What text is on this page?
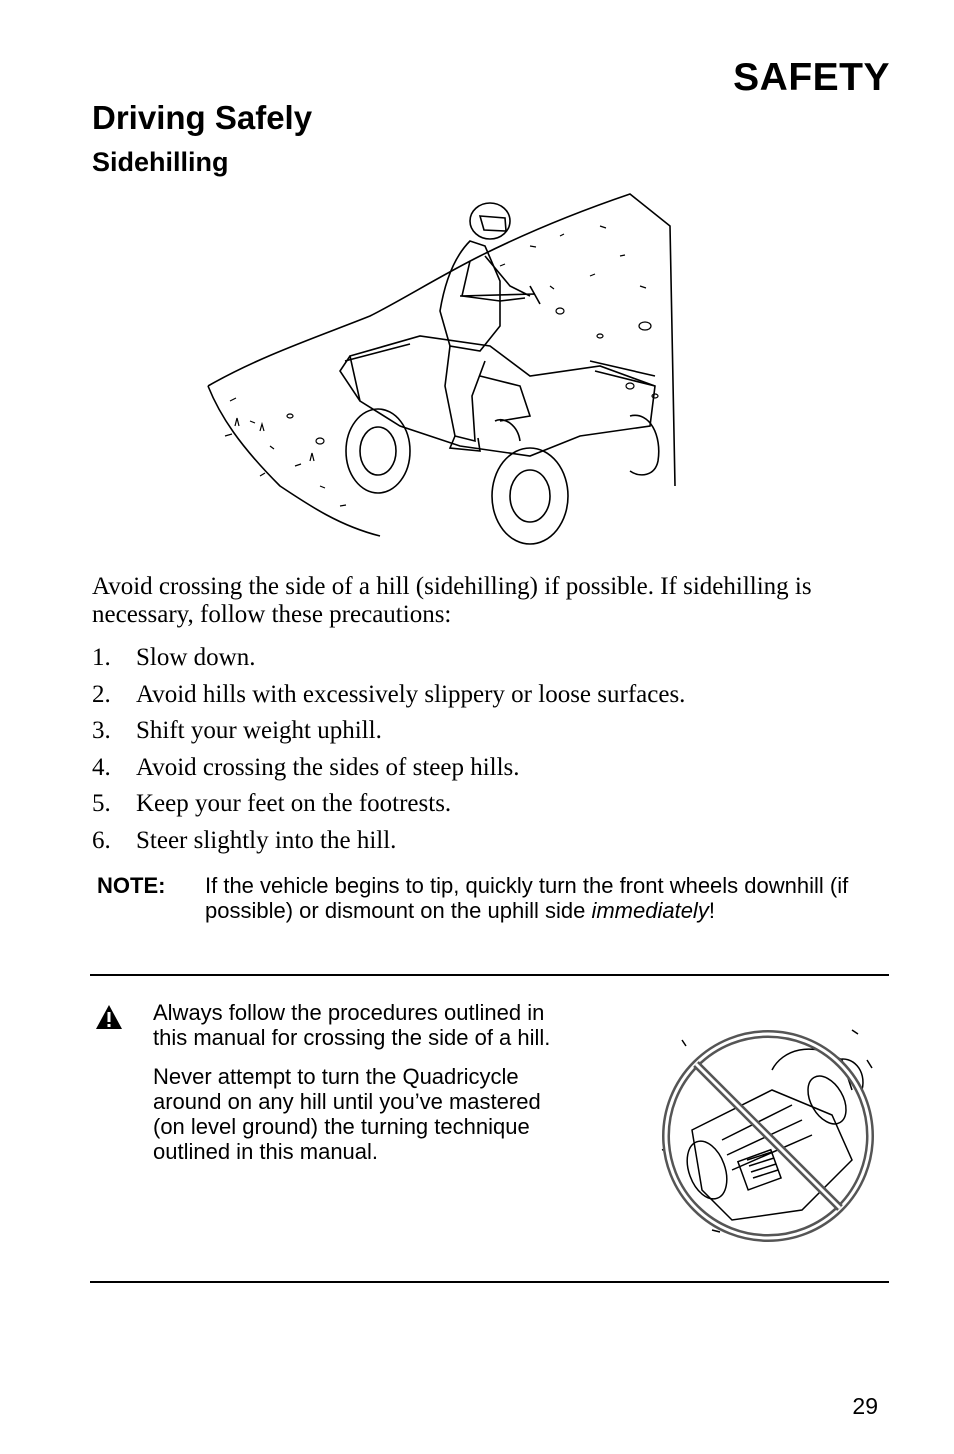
SAFETY
Driving Safely
Sidehilling
Avoid crossing the side of a hill (sidehilling) if possible. If sidehilling is necessary, follow these precautions:
1.	Slow down.
2.	Avoid hills with excessively slippery or loose surfaces.
3.	Shift your weight uphill.
4.	Avoid crossing the sides of steep hills.
5.	Keep your feet on the footrests.
6.	Steer slightly into the hill.
NOTE: If the vehicle begins to tip, quickly turn the front wheels downhill (if possible) or dismount on the uphill side immediately!

Always follow the procedures outlined in this manual for crossing the side of a hill.

Never attempt to turn the Quadricycle around on any hill until you’ve mastered (on level ground) the turning technique outlined in this manual.

29
